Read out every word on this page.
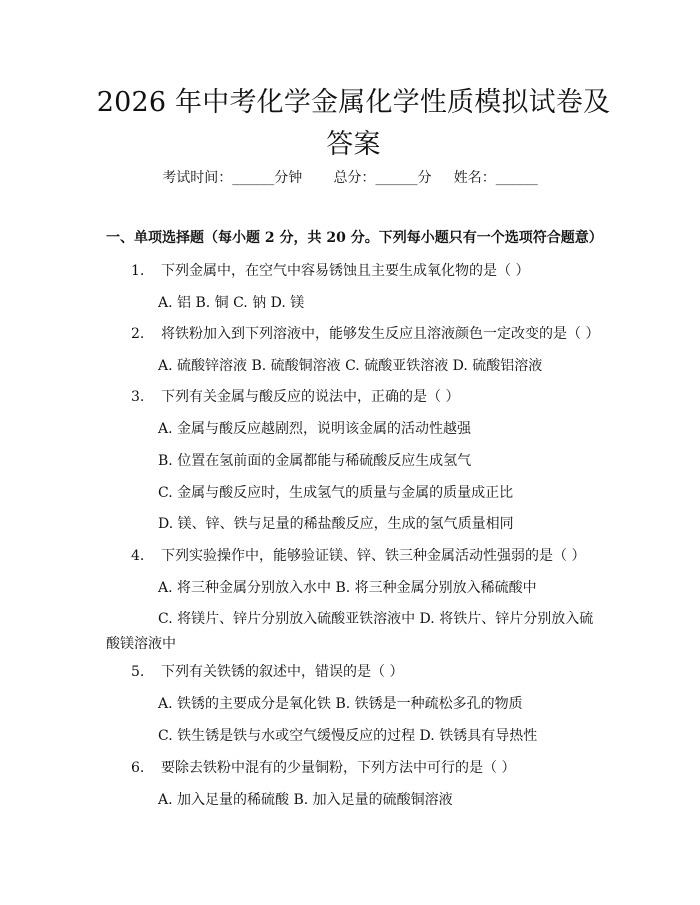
2026 年中考化学金属化学性质模拟试卷及答案
考试时间：______分钟 总分：______分 姓名：______
一、单项选择题（每小题 2 分，共 20 分。下列每小题只有一个选项符合题意）
1. 下列金属中，在空气中容易锈蚀且主要生成氧化物的是（ ）
A. 铝 B. 铜 C. 钠 D. 镁
2. 将铁粉加入到下列溶液中，能够发生反应且溶液颜色一定改变的是（ ）
A. 硫酸锌溶液 B. 硫酸铜溶液 C. 硫酸亚铁溶液 D. 硫酸铝溶液
3. 下列有关金属与酸反应的说法中，正确的是（ ）
A. 金属与酸反应越剧烈，说明该金属的活动性越强
B. 位置在氢前面的金属都能与稀硫酸反应生成氢气
C. 金属与酸反应时，生成氢气的质量与金属的质量成正比
D. 镁、锌、铁与足量的稀盐酸反应，生成的氢气质量相同
4. 下列实验操作中，能够验证镁、锌、铁三种金属活动性强弱的是（ ）
A. 将三种金属分别放入水中 B. 将三种金属分别放入稀硫酸中
C. 将镁片、锌片分别放入硫酸亚铁溶液中 D. 将铁片、锌片分别放入硫酸镁溶液中
5. 下列有关铁锈的叙述中，错误的是（ ）
A. 铁锈的主要成分是氧化铁 B. 铁锈是一种疏松多孔的物质
C. 铁生锈是铁与水或空气缓慢反应的过程 D. 铁锈具有导热性
6. 要除去铁粉中混有的少量铜粉，下列方法中可行的是（ ）
A. 加入足量的稀硫酸 B. 加入足量的硫酸铜溶液
